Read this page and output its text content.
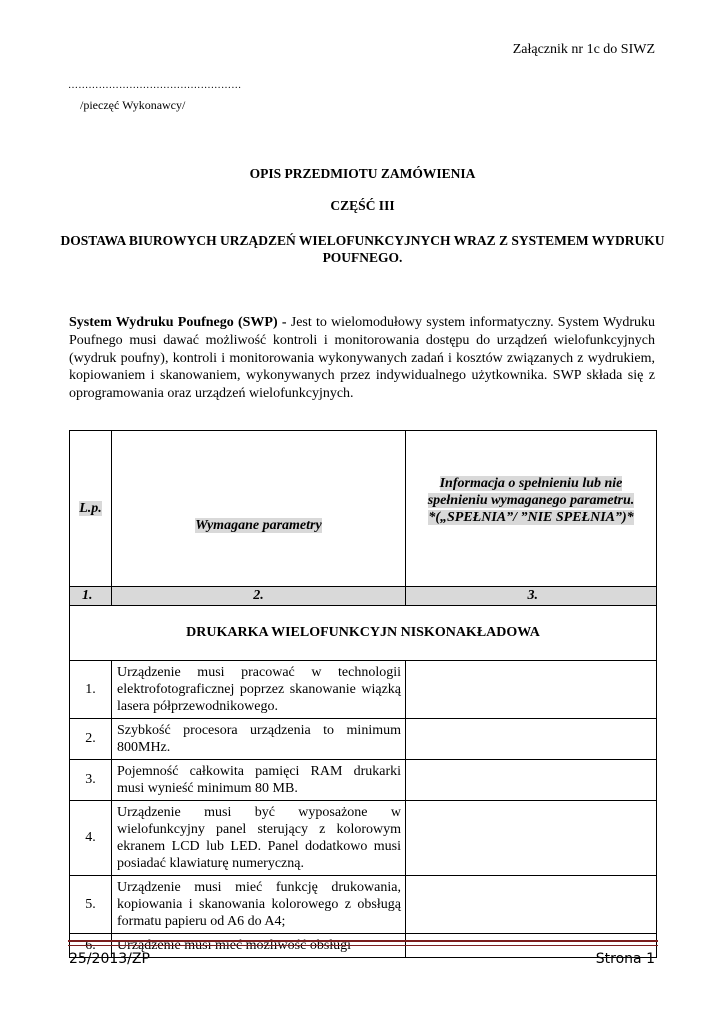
Załącznik nr 1c do SIWZ
……………………………………………
/pieczęć Wykonawcy/
OPIS PRZEDMIOTU ZAMÓWIENIA
CZĘŚĆ III
DOSTAWA BIUROWYCH URZĄDZEŃ WIELOFUNKCYJNYCH WRAZ Z SYSTEMEM WYDRUKU POUFNEGO.
System Wydruku Poufnego (SWP) - Jest to wielomodułowy system informatyczny. System Wydruku Poufnego musi dawać możliwość kontroli i monitorowania dostępu do urządzeń wielofunkcyjnych (wydruk poufny), kontroli i monitorowania wykonywanych zadań i kosztów związanych z wydrukiem, kopiowaniem i skanowaniem, wykonywanych przez indywidualnego użytkownika. SWP składa się z oprogramowania oraz urządzeń wielofunkcyjnych.
L.p.	Wymagane parametry	Informacja o spełnieniu lub nie
spełnieniu wymaganego parametru.
*(„SPEŁNIA”/ ”NIE SPEŁNIA”)*
1.	2.	3.
DRUKARKA WIELOFUNKCYJN NISKONAKŁADOWA		
1.	Urządzenie musi pracować w technologii elektrofotograficznej poprzez skanowanie wiązką lasera półprzewodnikowego.	
2.	Szybkość procesora urządzenia to minimum 800MHz.	
3.	Pojemność całkowita pamięci RAM drukarki musi wynieść minimum 80 MB.	
4.	Urządzenie musi być wyposażone w wielofunkcyjny panel sterujący z kolorowym ekranem LCD lub LED. Panel dodatkowo musi posiadać klawiaturę numeryczną.	
5.	Urządzenie musi mieć funkcję drukowania, kopiowania i skanowania kolorowego z obsługą formatu papieru od A6 do A4;	
6.	Urządzenie musi mieć możliwość obsługi	
25/2013/ZP	Strona 1
